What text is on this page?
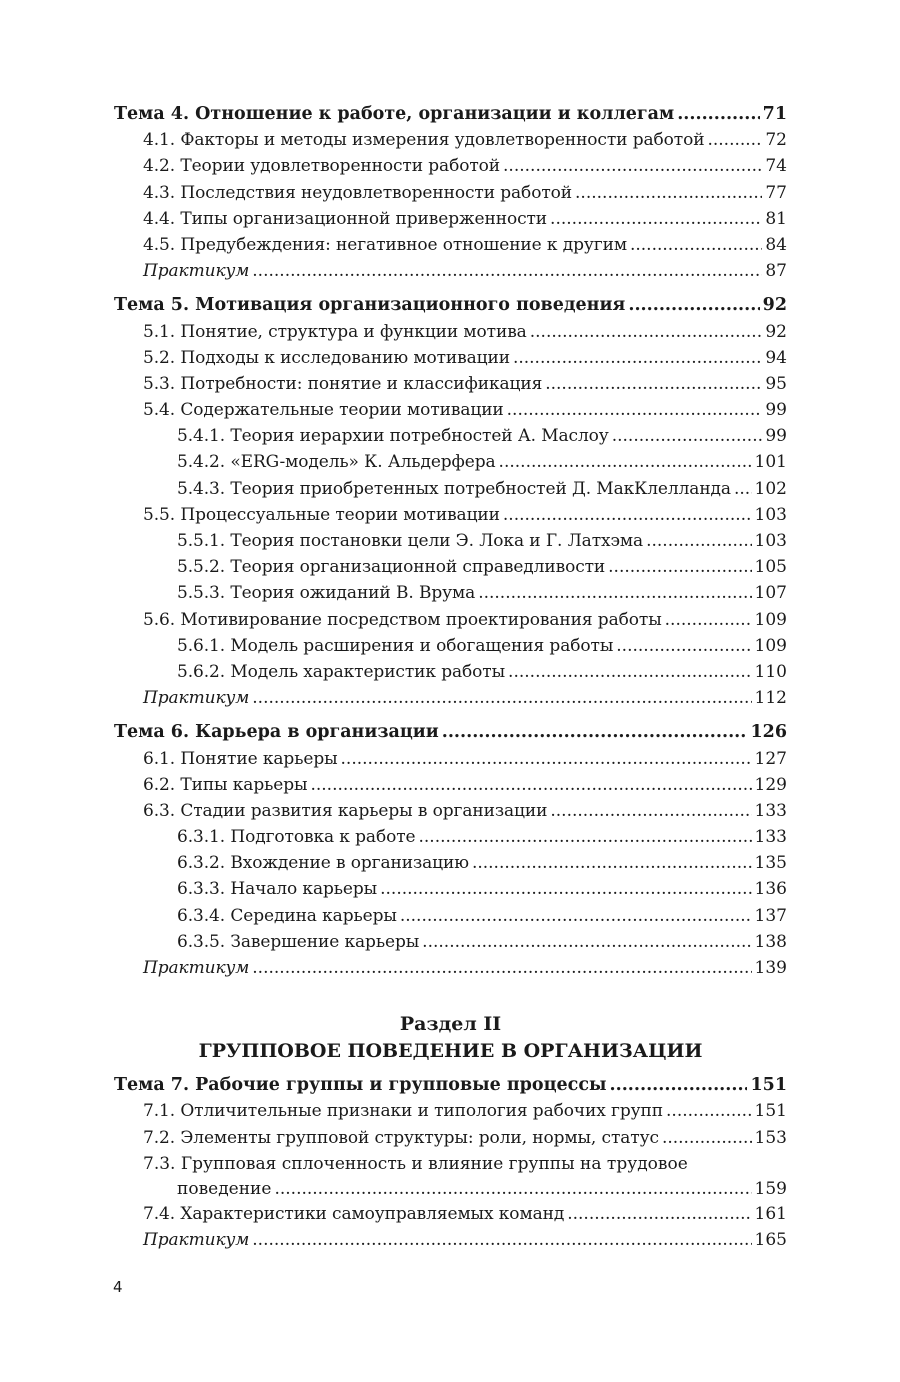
Тема 4. Отношение к работе, организации и коллегам .....	71
4.1. Факторы и методы измерения удовлетворенности работой .....	72
4.2. Теории удовлетворенности работой .....	74
4.3. Последствия неудовлетворенности работой .....	77
4.4. Типы организационной приверженности .....	81
4.5. Предубеждения: негативное отношение к другим .....	84
Практикум .....	87
Тема 5. Мотивация организационного поведения .....	92
5.1. Понятие, структура и функции мотива .....	92
5.2. Подходы к исследованию мотивации .....	94
5.3. Потребности: понятие и классификация .....	95
5.4. Содержательные теории мотивации .....	99
5.4.1. Теория иерархии потребностей А. Маслоу .....	99
5.4.2. «ERG-модель» К. Альдерфера .....	101
5.4.3. Теория приобретенных потребностей Д. МакКлелланда ..... 102
5.5. Процессуальные теории мотивации .....	103
5.5.1. Теория постановки цели Э. Лока и Г. Латхэма .....	103
5.5.2. Теория организационной справедливости .....	105
5.5.3. Теория ожиданий В. Врума .....	107
5.6. Мотивирование посредством проектирования работы .....	109
5.6.1. Модель расширения и обогащения работы .....	109
5.6.2. Модель характеристик работы .....	110
Практикум .....	112
Тема 6. Карьера в организации .....	126
6.1. Понятие карьеры .....	127
6.2. Типы карьеры .....	129
6.3. Стадии развития карьеры в организации .....	133
6.3.1. Подготовка к работе .....	133
6.3.2. Вхождение в организацию .....	135
6.3.3. Начало карьеры .....	136
6.3.4. Середина карьеры .....	137
6.3.5. Завершение карьеры .....	138
Практикум .....	139
Раздел II
ГРУППОВОЕ ПОВЕДЕНИЕ В ОРГАНИЗАЦИИ
Тема 7. Рабочие группы и групповые процессы .....	151
7.1. Отличительные признаки и типология рабочих групп .....	151
7.2. Элементы групповой структуры: роли, нормы, статус .....	153
7.3. Групповая сплоченность и влияние группы на трудовое
поведение .....	159
7.4. Характеристики самоуправляемых команд .....	161
Практикум .....	165
4
